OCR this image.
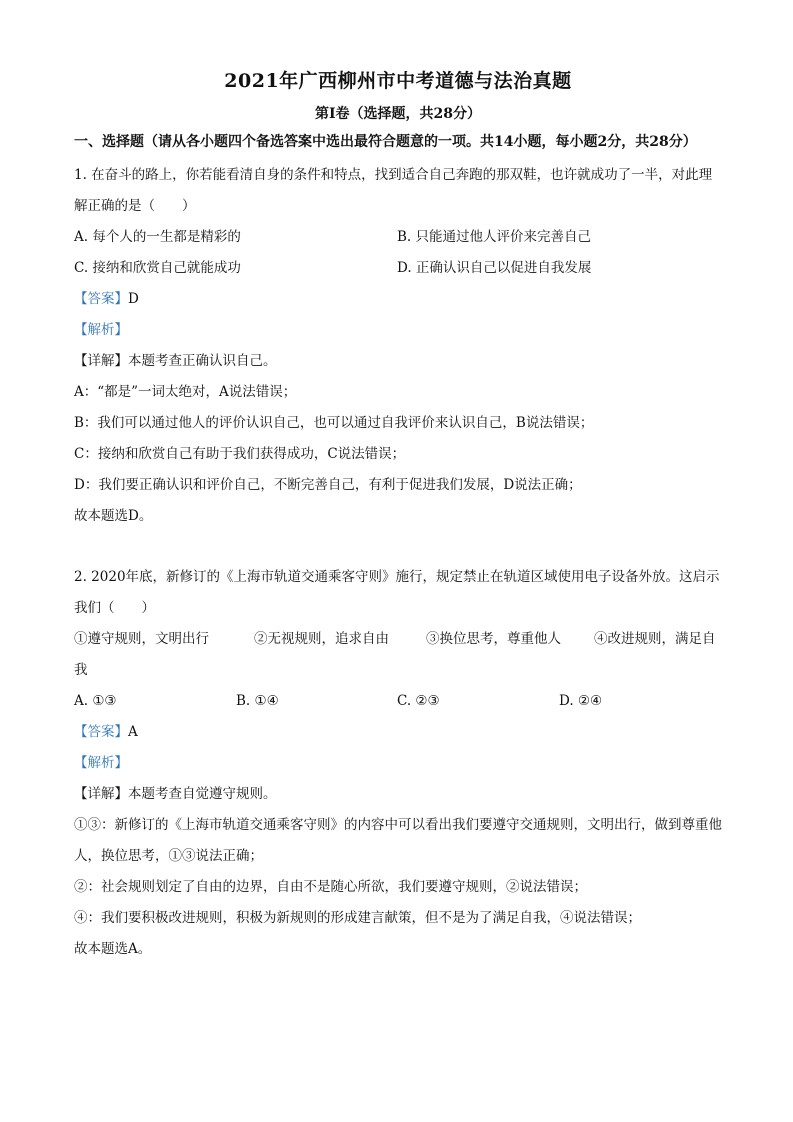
2021年广西柳州市中考道德与法治真题
第Ⅰ卷（选择题，共28分）
一、选择题（请从各小题四个备选答案中选出最符合题意的一项。共14小题，每小题2分，共28分）

1. 在奋斗的路上，你若能看清自身的条件和特点，找到适合自己奔跑的那双鞋，也许就成功了一半，对此理解正确的是（　　）

A. 每个人的一生都是精彩的	B. 只能通过他人评价来完善自己
C. 接纳和欣赏自己就能成功	D. 正确认识自己以促进自我发展

【答案】D

【解析】

【详解】本题考查正确认识自己。

A：“都是”一词太绝对，A说法错误；

B：我们可以通过他人的评价认识自己，也可以通过自我评价来认识自己，B说法错误；

C：接纳和欣赏自己有助于我们获得成功，C说法错误；

D：我们要正确认识和评价自己，不断完善自己，有利于促进我们发展，D说法正确；

故本题选D。

2. 2020年底，新修订的《上海市轨道交通乘客守则》施行，规定禁止在轨道区域使用电子设备外放。这启示我们（　　）

①遵守规则，文明出行	②无视规则，追求自由	③换位思考，尊重他人 ④改进规则，满足自

我

A. ①③	B. ①④	C. ②③	D. ②④

【答案】A

【解析】

【详解】本题考查自觉遵守规则。

①③：新修订的《上海市轨道交通乘客守则》的内容中可以看出我们要遵守交通规则，文明出行，做到尊重他人，换位思考，①③说法正确；

②：社会规则划定了自由的边界，自由不是随心所欲，我们要遵守规则，②说法错误；

④：我们要积极改进规则，积极为新规则的形成建言献策，但不是为了满足自我，④说法错误；

故本题选A。
